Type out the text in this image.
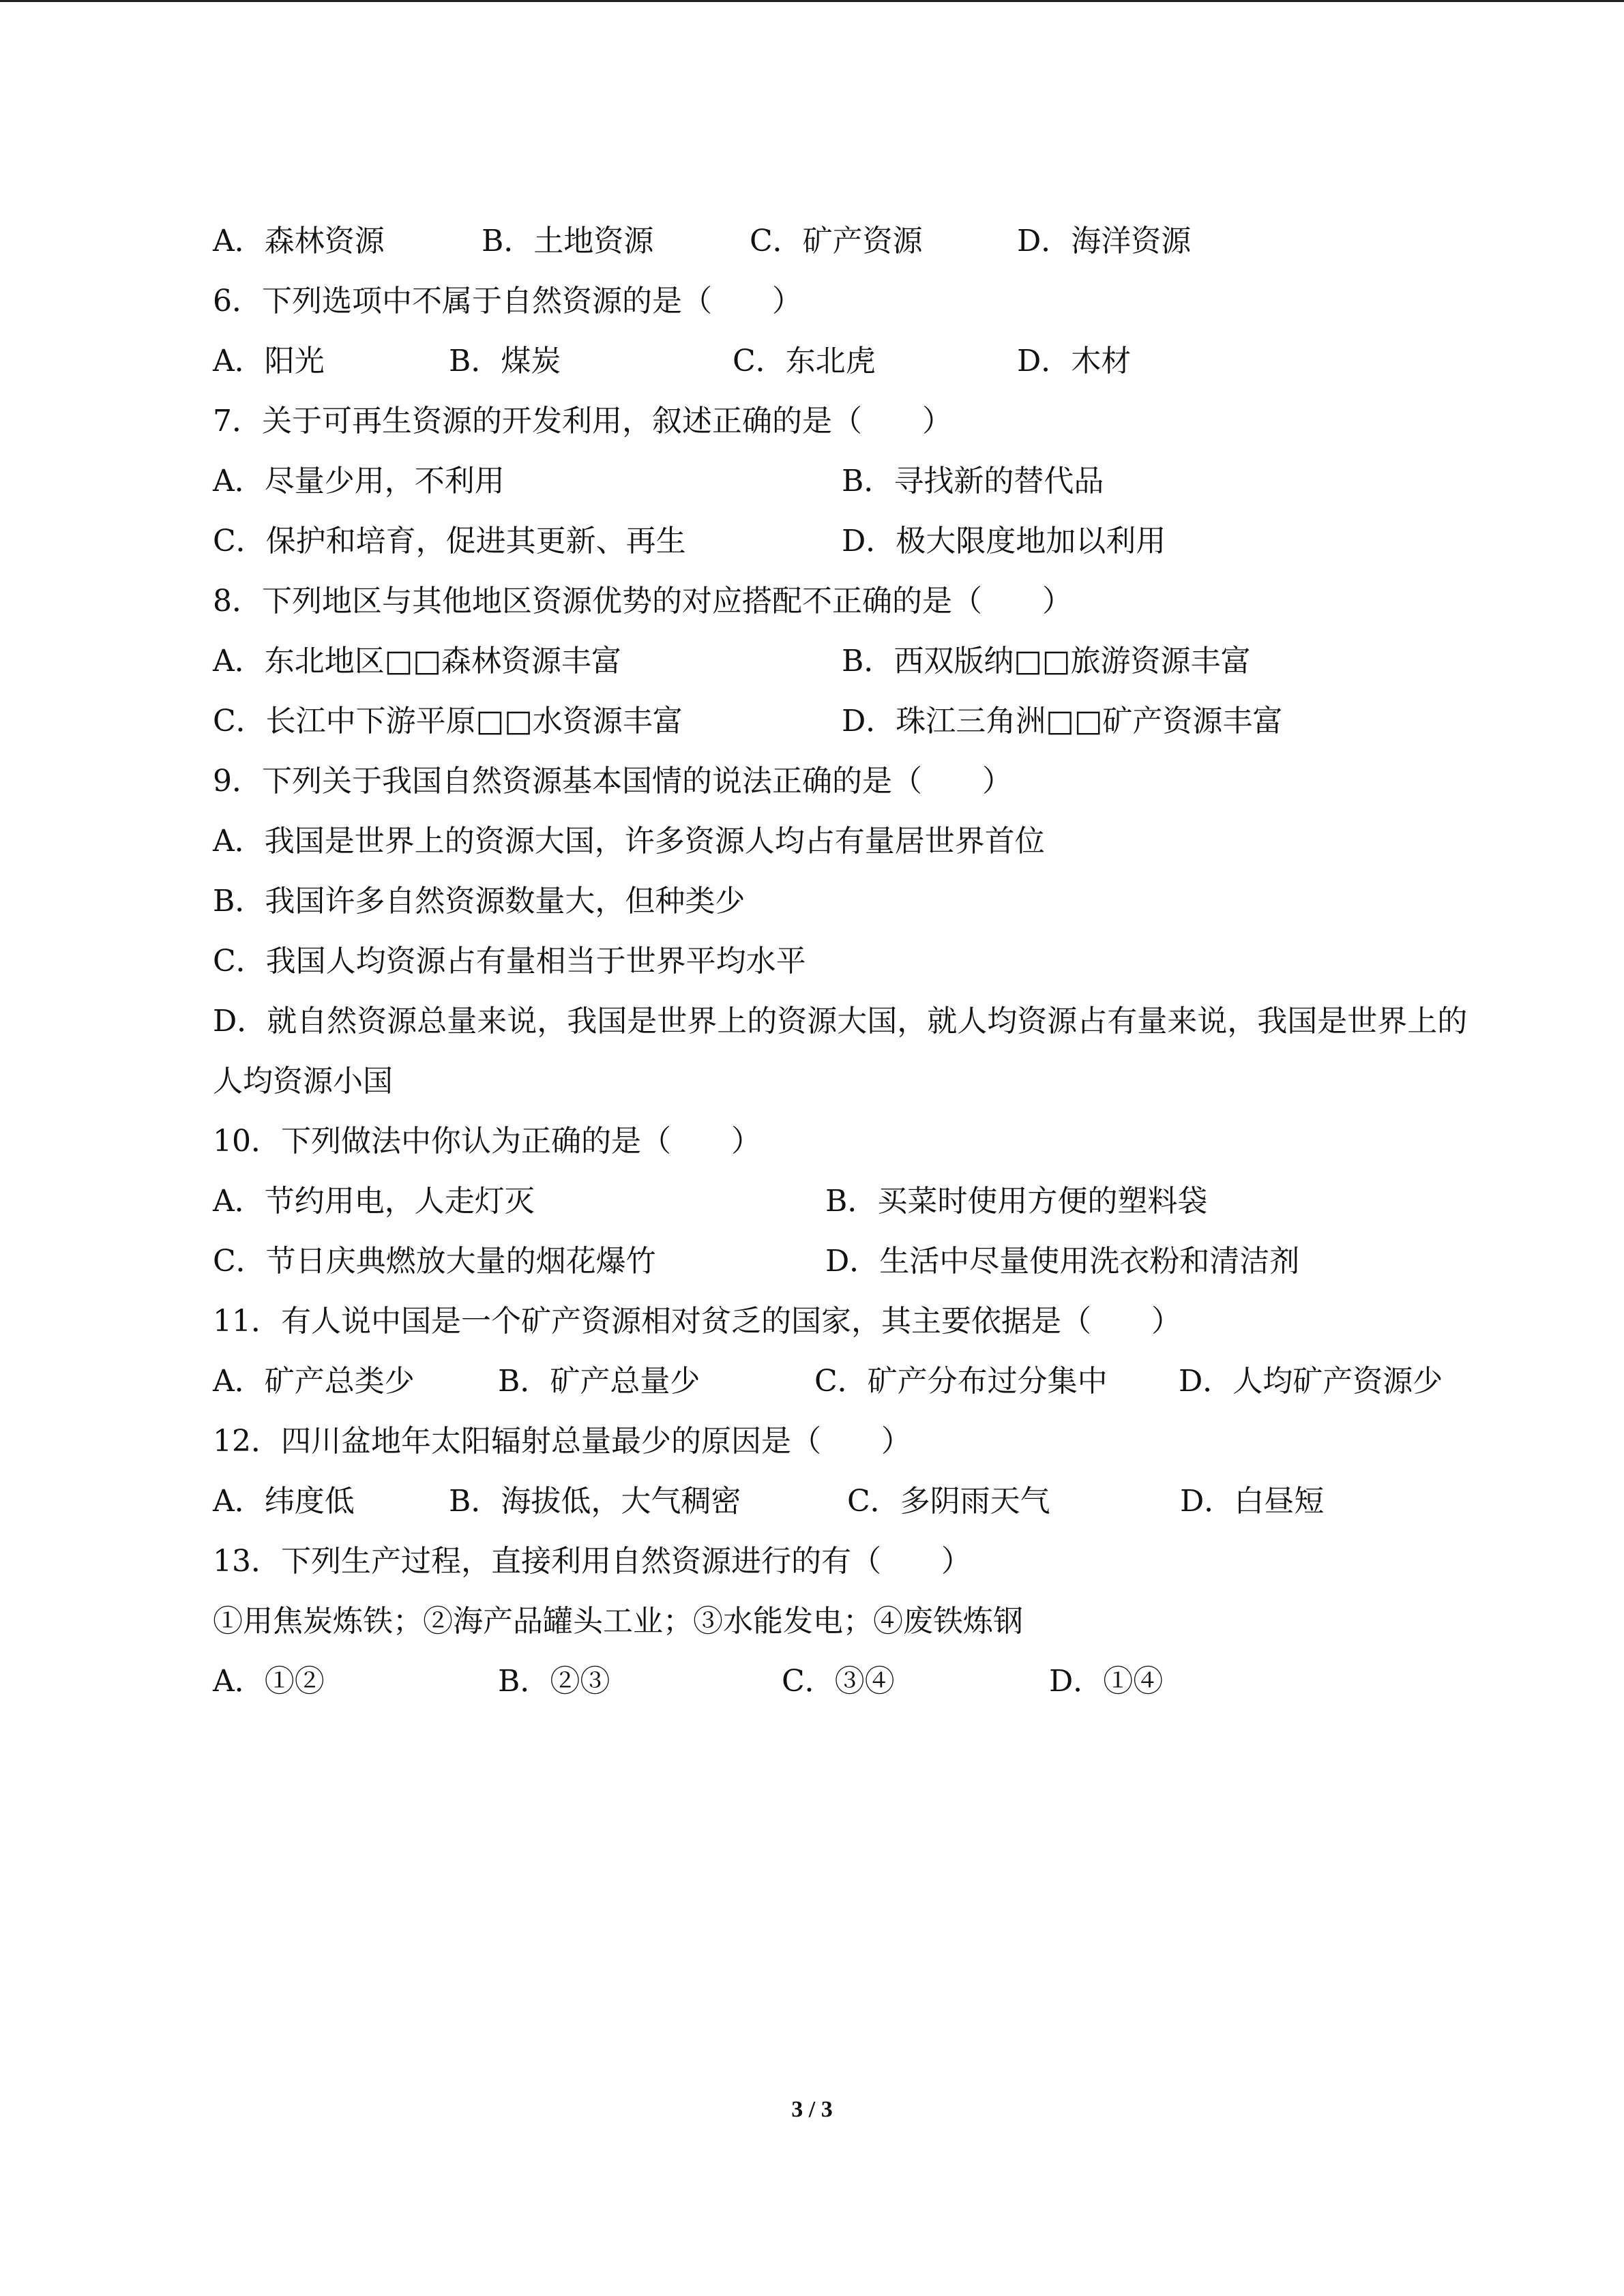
A．森林资源	B．土地资源	C．矿产资源	D．海洋资源
6．下列选项中不属于自然资源的是（　　）
A．阳光	B．煤炭	C．东北虎	D．木材
7．关于可再生资源的开发利用，叙述正确的是（　　）
A．尽量少用，不利用	B．寻找新的替代品
C．保护和培育，促进其更新、再生	D．极大限度地加以利用
8．下列地区与其他地区资源优势的对应搭配不正确的是（　　）
A．东北地区□□森林资源丰富	B．西双版纳□□旅游资源丰富
C．长江中下游平原□□水资源丰富	D．珠江三角洲□□矿产资源丰富
9．下列关于我国自然资源基本国情的说法正确的是（　　）
A．我国是世界上的资源大国，许多资源人均占有量居世界首位
B．我国许多自然资源数量大，但种类少
C．我国人均资源占有量相当于世界平均水平
D．就自然资源总量来说，我国是世界上的资源大国，就人均资源占有量来说，我国是世界上的人均资源小国
10．下列做法中你认为正确的是（　　）
A．节约用电，人走灯灭	B．买菜时使用方便的塑料袋
C．节日庆典燃放大量的烟花爆竹	D．生活中尽量使用洗衣粉和清洁剂
11．有人说中国是一个矿产资源相对贫乏的国家，其主要依据是（　　）
A．矿产总类少	B．矿产总量少	C．矿产分布过分集中 D．人均矿产资源少
12．四川盆地年太阳辐射总量最少的原因是（　　）
A．纬度低	B．海拔低，大气稠密	C．多阴雨天气	D．白昼短
13．下列生产过程，直接利用自然资源进行的有（　　）
①用焦炭炼铁；②海产品罐头工业；③水能发电；④废铁炼钢
A．①②	B．②③	C．③④	D．①④
3 / 3
